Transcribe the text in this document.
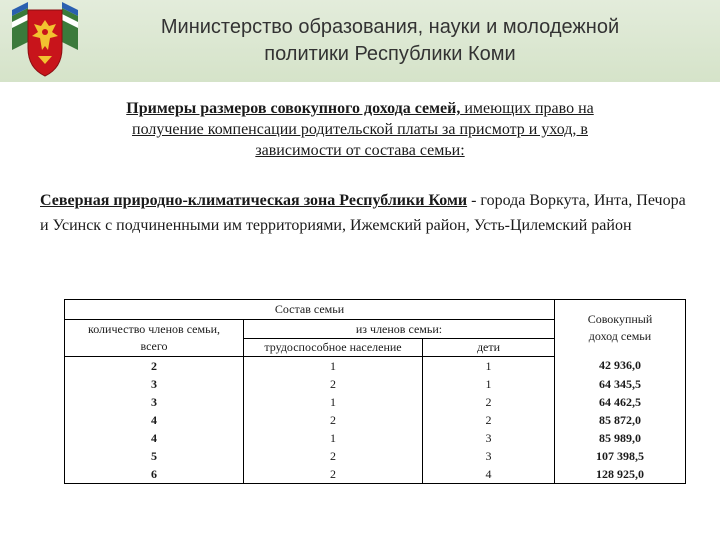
Министерство образования, науки и молодежной
политики Республики Коми
Примеры размеров совокупного дохода семей, имеющих право на
получение компенсации родительской платы за присмотр и уход, в
зависимости от состава семьи:
Северная природно-климатическая зона Республики Коми - города Воркута, Инта, Печора и Усинск с подчиненными им территориями, Ижемский район, Усть-Цилемский район
Состав семьи			Совокупный
доход семьи

количество членов семьи,
всего	из членов семьи:		
	трудоспособное население	дети	
2	1	1	42 936,0
3	2	1	64 345,5
3	1	2	64 462,5
4	2	2	85 872,0
4	1	3	85 989,0
5	2	3	107 398,5
6	2	4	128 925,0
